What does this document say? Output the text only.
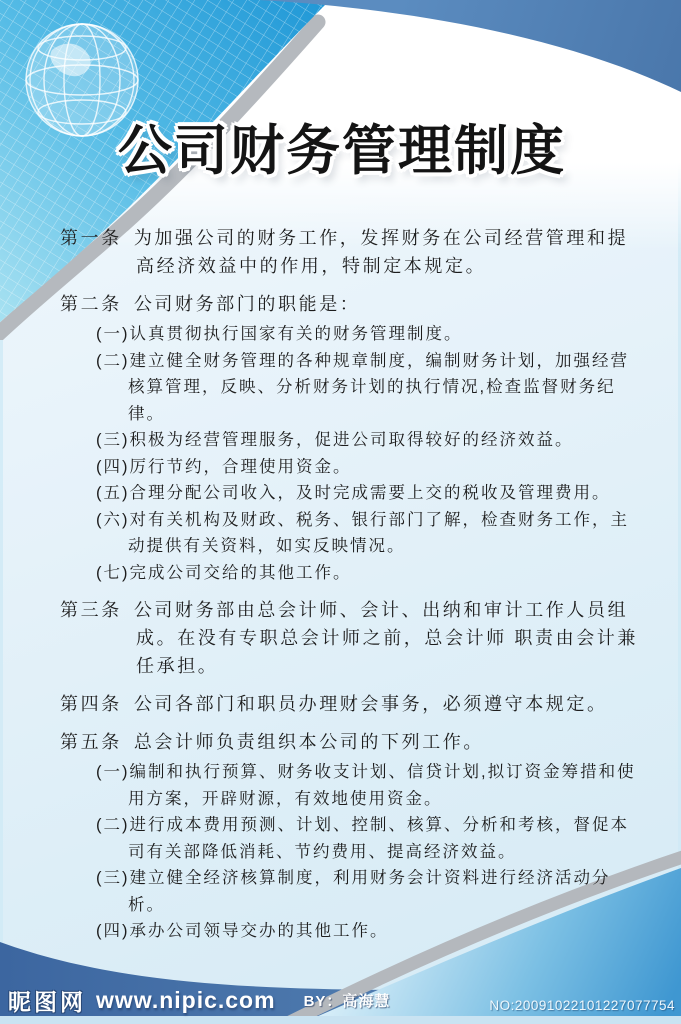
公司财务管理制度
第一条 为加强公司的财务工作，发挥财务在公司经营管理和提高经济效益中的作用，特制定本规定。
第二条 公司财务部门的职能是：
(一)认真贯彻执行国家有关的财务管理制度。
(二)建立健全财务管理的各种规章制度，编制财务计划，加强经营核算管理，反映、分析财务计划的执行情况,检查监督财务纪律。
(三)积极为经营管理服务，促进公司取得较好的经济效益。
(四)厉行节约，合理使用资金。
(五)合理分配公司收入，及时完成需要上交的税收及管理费用。
(六)对有关机构及财政、税务、银行部门了解，检查财务工作，主动提供有关资料，如实反映情况。
(七)完成公司交给的其他工作。
第三条 公司财务部由总会计师、会计、出纳和审计工作人员组成。在没有专职总会计师之前，总会计师 职责由会计兼任承担。
第四条 公司各部门和职员办理财会事务，必须遵守本规定。
第五条 总会计师负责组织本公司的下列工作。
(一)编制和执行预算、财务收支计划、信贷计划,拟订资金筹措和使用方案，开辟财源，有效地使用资金。
(二)进行成本费用预测、计划、控制、核算、分析和考核，督促本司有关部降低消耗、节约费用、提高经济效益。
(三)建立健全经济核算制度，利用财务会计资料进行经济活动分析。
(四)承办公司领导交办的其他工作。
昵图网 www.nipic.com BY：高海慧	NO:20091022101227077754
